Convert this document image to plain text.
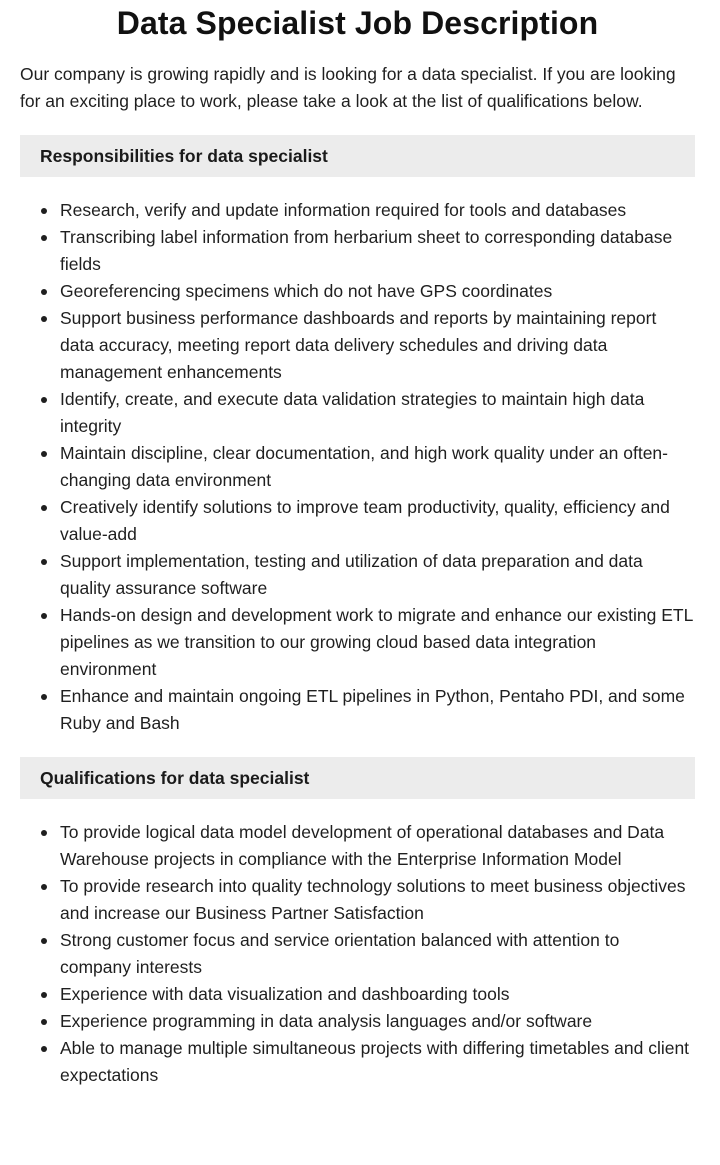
Data Specialist Job Description

Our company is growing rapidly and is looking for a data specialist. If you are looking for an exciting place to work, please take a look at the list of qualifications below.

Responsibilities for data specialist
Research, verify and update information required for tools and databases
Transcribing label information from herbarium sheet to corresponding database fields
Georeferencing specimens which do not have GPS coordinates
Support business performance dashboards and reports by maintaining report data accuracy, meeting report data delivery schedules and driving data management enhancements
Identify, create, and execute data validation strategies to maintain high data integrity
Maintain discipline, clear documentation, and high work quality under an often-changing data environment
Creatively identify solutions to improve team productivity, quality, efficiency and value-add
Support implementation, testing and utilization of data preparation and data quality assurance software
Hands-on design and development work to migrate and enhance our existing ETL pipelines as we transition to our growing cloud based data integration environment
Enhance and maintain ongoing ETL pipelines in Python, Pentaho PDI, and some Ruby and Bash
Qualifications for data specialist
To provide logical data model development of operational databases and Data Warehouse projects in compliance with the Enterprise Information Model
To provide research into quality technology solutions to meet business objectives and increase our Business Partner Satisfaction
Strong customer focus and service orientation balanced with attention to company interests
Experience with data visualization and dashboarding tools
Experience programming in data analysis languages and/or software
Able to manage multiple simultaneous projects with differing timetables and client expectations
